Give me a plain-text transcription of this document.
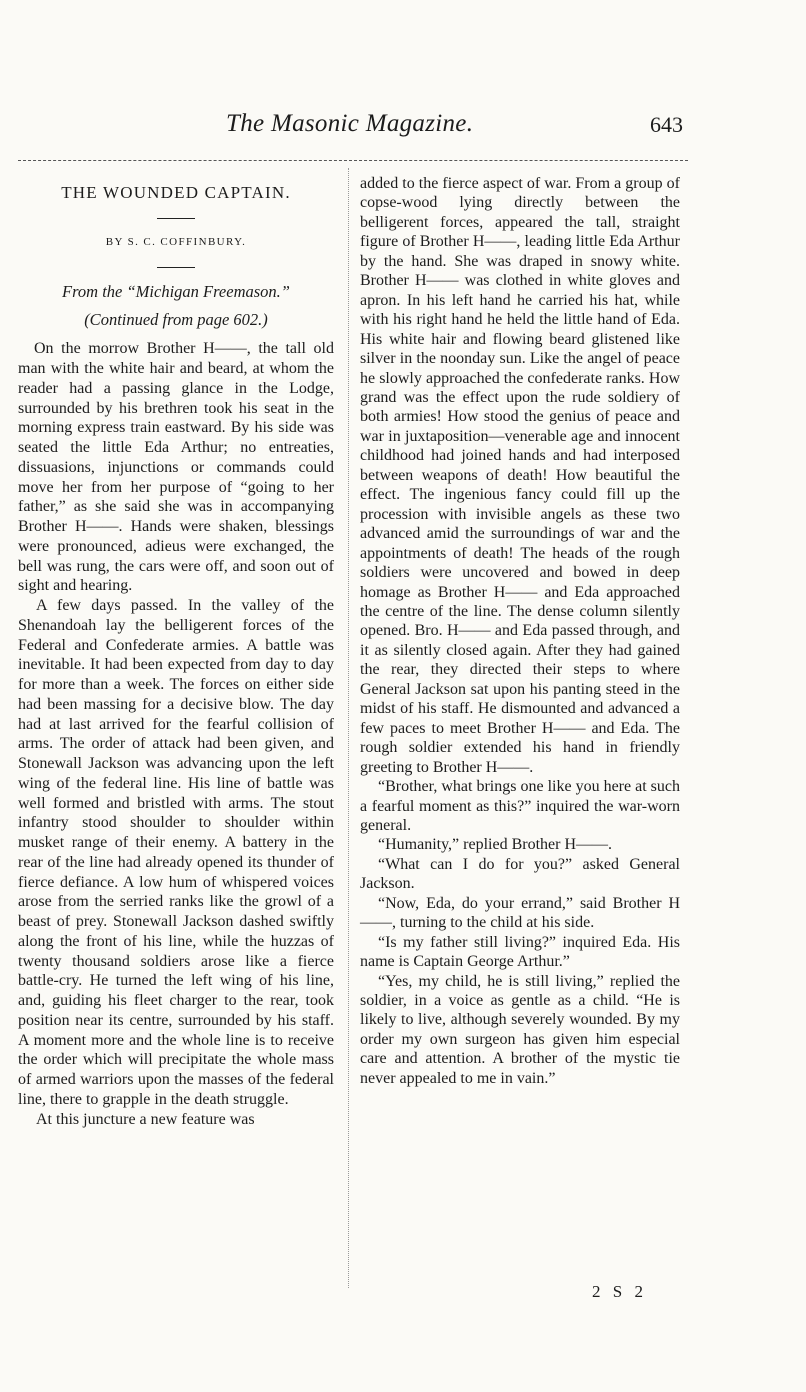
The Masonic Magazine.	643
THE WOUNDED CAPTAIN.
BY S. C. COFFINBURY.
From the “Michigan Freemason.”
(Continued from page 602.)

On the morrow Brother H——, the tall old man with the white hair and beard, at whom the reader had a passing glance in the Lodge, surrounded by his brethren took his seat in the morning express train eastward. By his side was seated the little Eda Arthur; no entreaties, dissuasions, injunctions or commands could move her from her purpose of “going to her father,” as she said she was in accompanying Brother H——. Hands were shaken, blessings were pronounced, adieus were exchanged, the bell was rung, the cars were off, and soon out of sight and hearing.

A few days passed. In the valley of the Shenandoah lay the belligerent forces of the Federal and Confederate armies. A battle was inevitable. It had been expected from day to day for more than a week. The forces on either side had been massing for a decisive blow. The day had at last arrived for the fearful collision of arms. The order of attack had been given, and Stonewall Jackson was advancing upon the left wing of the federal line. His line of battle was well formed and bristled with arms. The stout infantry stood shoulder to shoulder within musket range of their enemy. A battery in the rear of the line had already opened its thunder of fierce defiance. A low hum of whispered voices arose from the serried ranks like the growl of a beast of prey. Stonewall Jackson dashed swiftly along the front of his line, while the huzzas of twenty thousand soldiers arose like a fierce battle-cry. He turned the left wing of his line, and, guiding his fleet charger to the rear, took position near its centre, surrounded by his staff. A moment more and the whole line is to receive the order which will precipitate the whole mass of armed warriors upon the masses of the federal line, there to grapple in the death struggle.

At this juncture a new feature was

added to the fierce aspect of war. From a group of copse-wood lying directly between the belligerent forces, appeared the tall, straight figure of Brother H——, leading little Eda Arthur by the hand. She was draped in snowy white. Brother H—— was clothed in white gloves and apron. In his left hand he carried his hat, while with his right hand he held the little hand of Eda. His white hair and flowing beard glistened like silver in the noonday sun. Like the angel of peace he slowly approached the confederate ranks. How grand was the effect upon the rude soldiery of both armies! How stood the genius of peace and war in juxtaposition—venerable age and innocent childhood had joined hands and had interposed between weapons of death! How beautiful the effect. The ingenious fancy could fill up the procession with invisible angels as these two advanced amid the surroundings of war and the appointments of death! The heads of the rough soldiers were uncovered and bowed in deep homage as Brother H—— and Eda approached the centre of the line. The dense column silently opened. Bro. H—— and Eda passed through, and it as silently closed again. After they had gained the rear, they directed their steps to where General Jackson sat upon his panting steed in the midst of his staff. He dismounted and advanced a few paces to meet Brother H—— and Eda. The rough soldier extended his hand in friendly greeting to Brother H——.

“Brother, what brings one like you here at such a fearful moment as this?” inquired the war-worn general.

“Humanity,” replied Brother H——.

“What can I do for you?” asked General Jackson.

“Now, Eda, do your errand,” said Brother H——, turning to the child at his side.

“Is my father still living?” inquired Eda. His name is Captain George Arthur.”

“Yes, my child, he is still living,” replied the soldier, in a voice as gentle as a child. “He is likely to live, although severely wounded. By my order my own surgeon has given him especial care and attention. A brother of the mystic tie never appealed to me in vain.”

2 S 2
